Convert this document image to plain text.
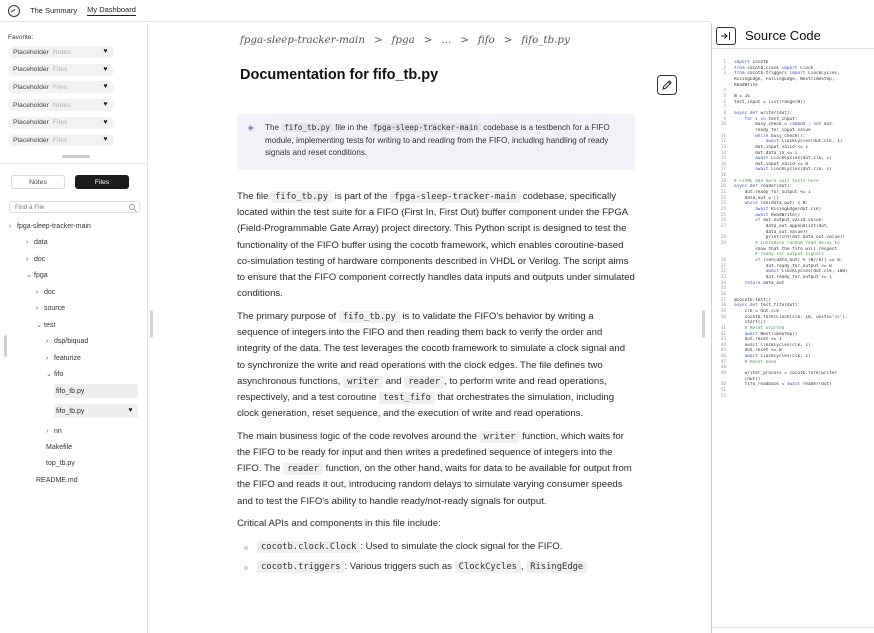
The Summary My Dashboard
Favorite:
Placeholder Notes	♥
Placeholder Files	♥
Placeholder Files	♥
Placeholder Notes	♥
Placeholder Files	♥
Placeholder Files	♥
Notes	Files
Find a File
› fpga-sleep-tracker-main
› data
› doc
⌄ fpga
› doc
› source
⌄ test
› dsp/biquad
› featurize
⌄ fifo
fifo_tb.py
fifo_tb.py	♥
› nn
Makefile
top_tb.py
README.md
fpga-sleep-tracker-main > fpga > ... > fifo > fifo_tb.py
Documentation for fifo_tb.py
✦ The fifo_tb.py file in the fpga-sleep-tracker-main codebase is a testbench for a FIFO module, implementing tests for writing to and reading from the FIFO, including handling of ready signals and reset conditions.

The file fifo_tb.py is part of the fpga-sleep-tracker-main codebase, specifically located within the test suite for a FIFO (First In, First Out) buffer component under the FPGA (Field-Programmable Gate Array) project directory. This Python script is designed to test the functionality of the FIFO buffer using the cocotb framework, which enables coroutine-based co-simulation testing of hardware components described in VHDL or Verilog. The script aims to ensure that the FIFO component correctly handles data inputs and outputs under simulated conditions.

The primary purpose of fifo_tb.py is to validate the FIFO's behavior by writing a sequence of integers into the FIFO and then reading them back to verify the order and integrity of the data. The test leverages the cocotb framework to simulate a clock signal and to synchronize the write and read operations with the clock edges. The file defines two asynchronous functions, writer and reader , to perform write and read operations, respectively, and a test coroutine test_fifo that orchestrates the simulation, including clock generation, reset sequence, and the execution of write and read operations.

The main business logic of the code revolves around the writer function, which waits for the FIFO to be ready for input and then writes a predefined sequence of integers into the FIFO. The reader function, on the other hand, waits for data to be available for output from the FIFO and reads it out, introducing random delays to simulate varying consumer speeds and to test the FIFO's ability to handle ready/not-ready signals for output.

Critical APIs and components in this file include:

cocotb.clock.Clock : Used to simulate the clock signal for the FIFO.
cocotb.triggers : Various triggers such as ClockCycles , RisingEdge
Source Code
1 import cocotb
2 from cocotb.clock import Clock
3 from cocotb.triggers import ClockCycles,
RisingEdge, FallingEdge, NextTimeStep,
ReadWrite
4
5 N = 16
6 test_input = list(range(N))
7
8 async def writer(dut):
9	for i in test_input:
10 busy_check = lambda : not dut.
ready_for_input.value
11	while busy_check():
12	await ClockCycles(dut.clk, 1)
13 dut.input_valid <= 1
14 dut.data_in <= i
15	await ClockCycles(dut.clk, 1)
16 dut.input_valid <= 0
17	await ClockCycles(dut.clk, 1)
18
19 # FIXME add more unit tests here
20 async def reader(dut):
21 dut.ready_for_output <= 1
22 data_out = []
23	while len(data_out) < N:
24	await RisingEdge(dut.clk)
25	await ReadWrite()
26	if dut.output_valid.value:
27 data_out.append(int(dut.
data_out.value))
28 print(int(dut.data_out.value))
29 # Introduce random read delay to
show that the fifo will respect
# ready for output signals
30	if (len(data_out) % (N//6)) == 0:
31 dut.ready_for_output <= 0
32	await ClockCycles(dut.clk, 100)
33 dut.ready_for_output <= 1
34	return data_out
35
36
37 @cocotb.test()
38 async def test_fifo(dut):
39 clk = dut.clk
40 cocotb.fork(Clock(clk, 10, units="ns").
start())
41 # Reset Started
42	await NextTimeStep()
43 dut.reset <= 1
44	await ClockCycles(clk, 1)
45 dut.reset <= 0
46	await ClockCycles(clk, 1)
47 # Reset Done
48
49 writer_process = cocotb.fork(writer
(dut))
50 fifo_readback = await reader(dut)
51
52
